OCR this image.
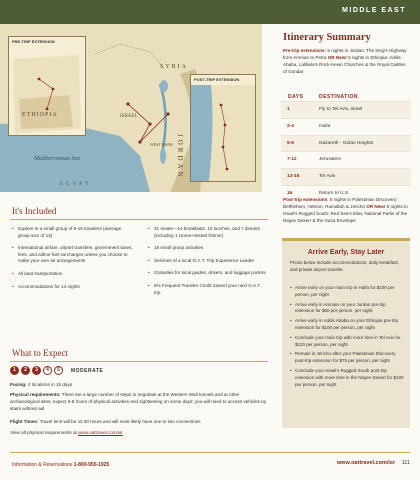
MIDDLE EAST
PRE-TRIP EXTENSION
POST-TRIP EXTENSION
SYRIA
ISRAEL
JORDAN
ETHIOPIA
Mediterranean Sea
EGYPT
WEST BANK
Itinerary Summary
Pre-trip extensions: 5 nights in Jordan: The King's Highway from Amman to Petra OR New! 5 nights in Ethiopia: Addis Ababa, Lalibela's Rock-Hewn Churches & the Royal Castles of Gondar
DAYS	DESTINATION
1	Fly to Tel Aviv, Israel
2-4	Haifa
5-6	Nazareth - Golan Heights
7-12	Jerusalem
13-15	Tel Aviv
16	Return to U.S.
Post-trip extensions: 5 nights in Palestinian Discovery: Bethlehem, Hebron, Ramallah & Jericho OR New! 5 nights in Israel's Rugged South: Red Sea's Eilat, National Parks of the Negev Desert & the Gaza Envelope
Arrive Early, Stay Later
Prices below include accommodations, daily breakfast, and private airport transfer.
• Arrive early on your main trip in Haifa for $100 per person, per night
• Arrive early in Amman on your Jordan pre-trip extension for $50 per person, per night
• Arrive early in Addis Ababa on your Ethiopia pre-trip extension for $100 per person, per night
• Conclude your main trip with more time in Tel Aviv for $120 per person, per night
• Remain in Jericho after your Palestinian Discovery post-trip extension for $75 per person, per night
• Conclude your Israel's Rugged South post-trip extension with more time in the Negev Desert for $100 per person, per night
It's Included
• Explore in a small group of 8-16 travelers (average group size of 13)
• International airfare, airport transfers, government taxes, fees, and airline fuel surcharges unless you choose to make your own air arrangements
• All land transportation
• Accommodations for 14 nights
• 31 meals—14 breakfasts, 10 lunches, and 7 dinners (including 1 Home-Hosted Dinner)
• 18 small group activities
• Services of a local O.A.T. Trip Experience Leader
• Gratuities for local guides, drivers, and luggage porters
• 5% Frequent Traveler Credit toward your next O.A.T. trip
What to Expect
1	2	3	4	5	MODERATE
Pacing: 4 locations in 15 days
Physical requirements: There are a large number of steps to negotiate at the Western Wall tunnels and at other archaeological sites; expect 6-8 hours of physical activities and sightseeing on some days; you will need to access vehicles by stairs without aid
Flight Times: Travel time will be 11-20 hours and will most likely have one to two connections
View all physical requirements at www.oattravel.com/isr
Information & Reservations 1-800-955-1925	www.oattravel.com/isr 111
